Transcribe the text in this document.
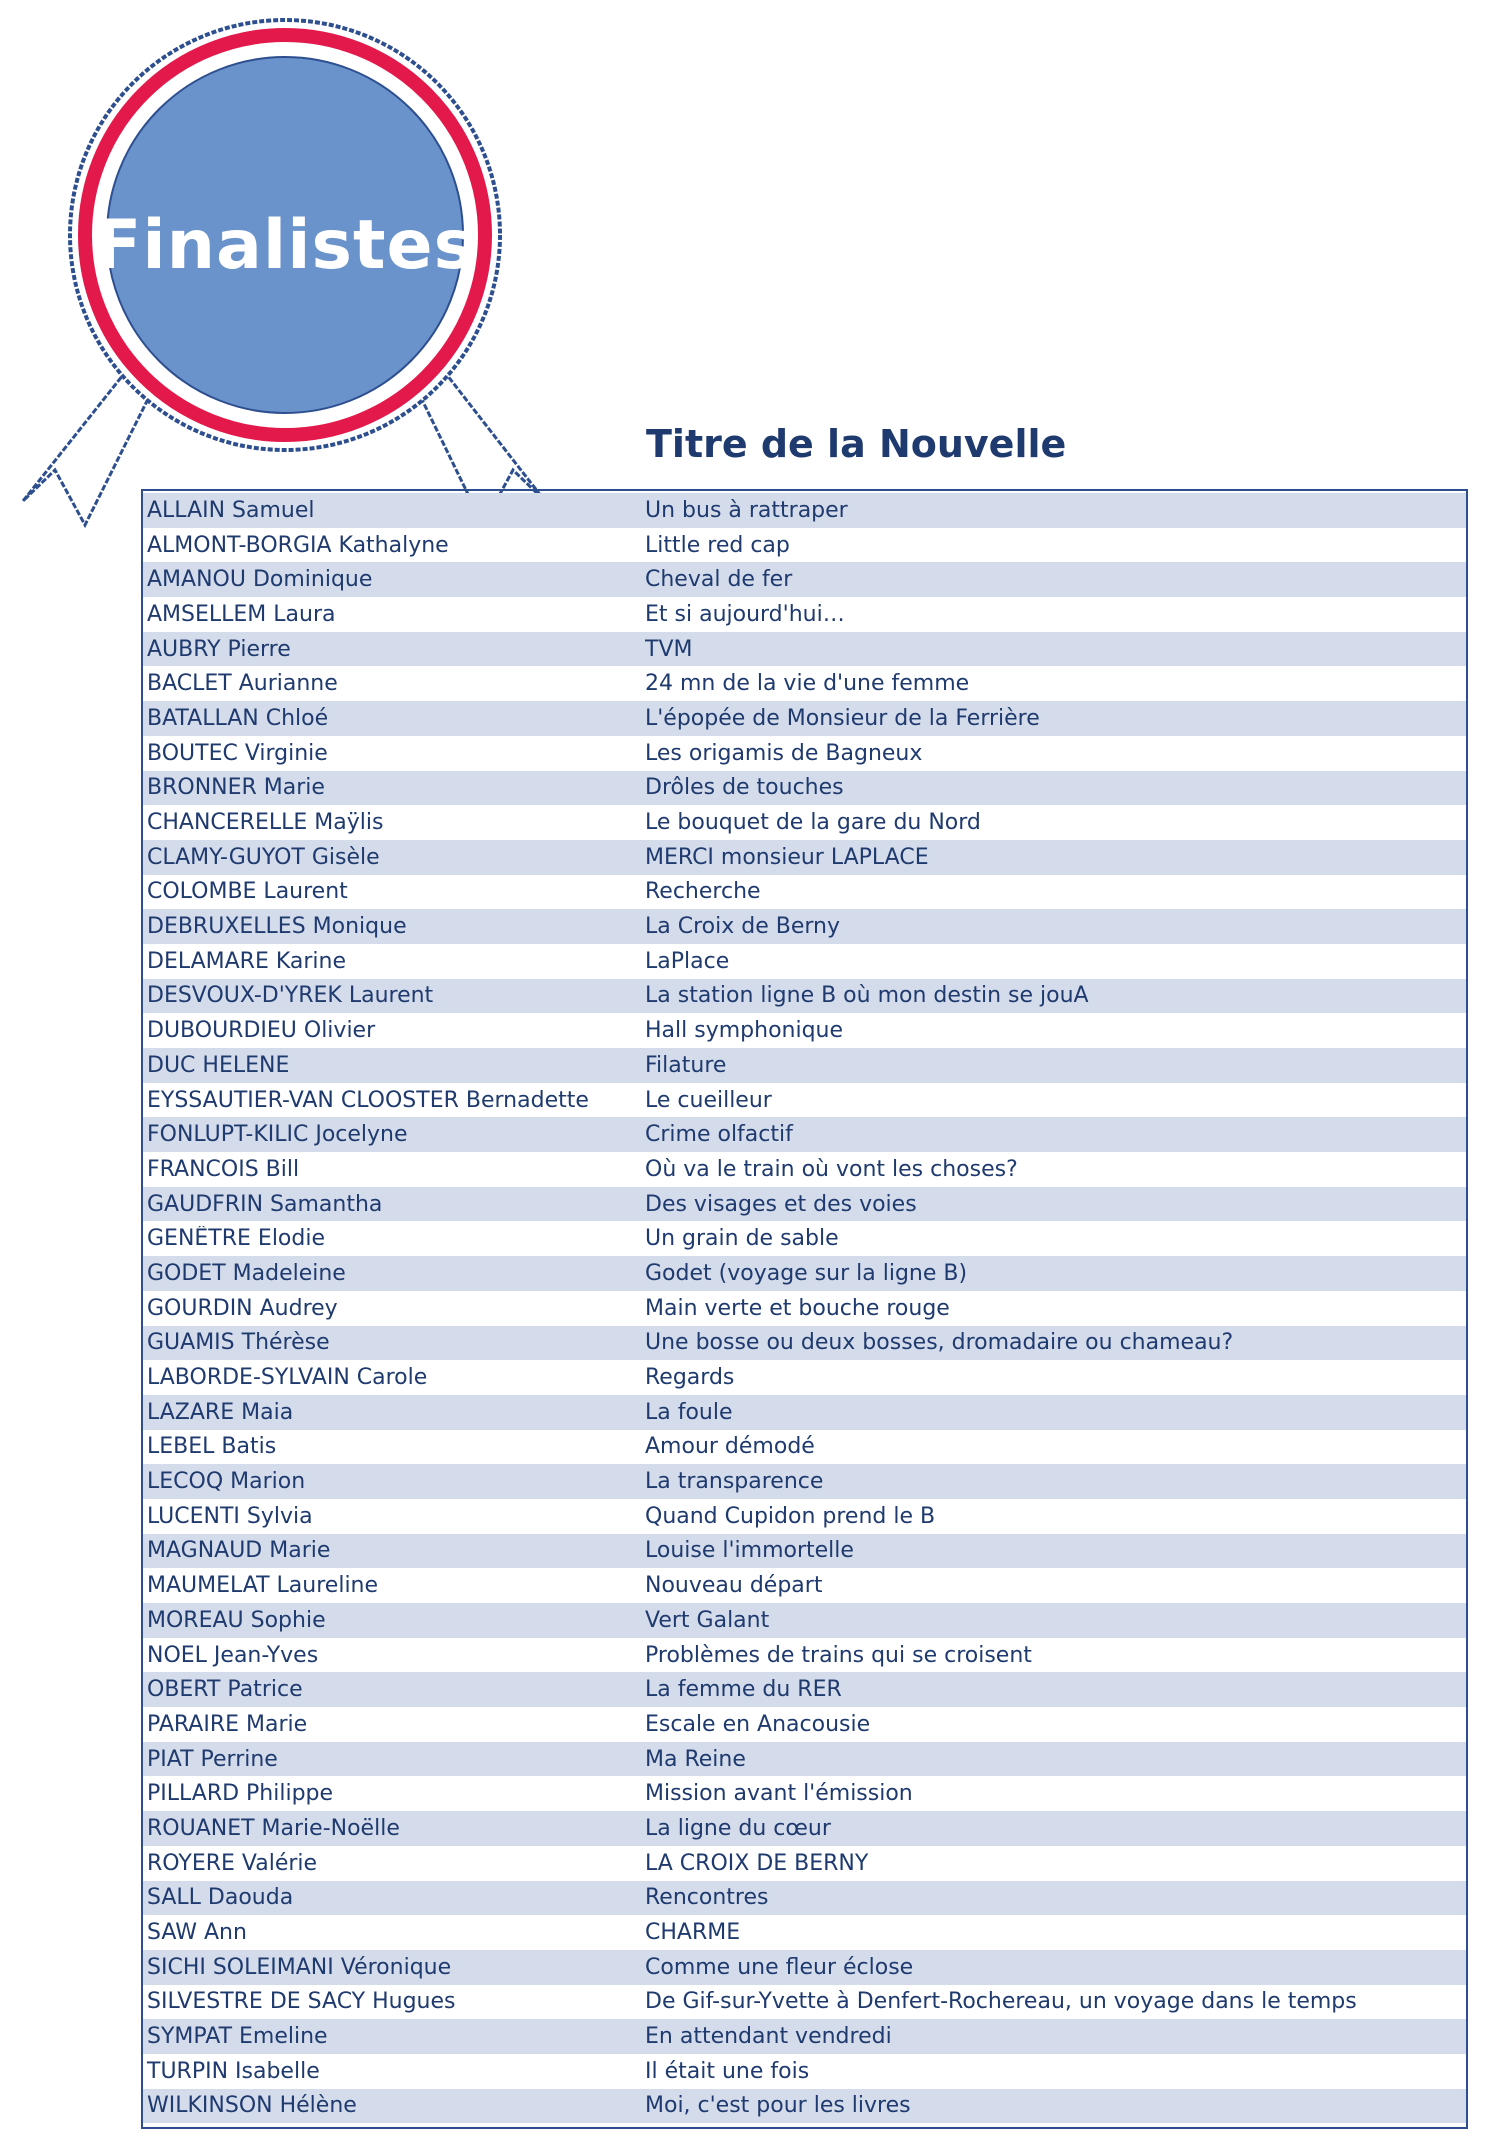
Finalistes
Titre de la Nouvelle
ALLAIN Samuel	Un bus à rattraper
ALMONT-BORGIA Kathalyne	Little red cap
AMANOU Dominique	Cheval de fer
AMSELLEM Laura	Et si aujourd'hui…
AUBRY Pierre	TVM
BACLET Aurianne	24 mn de la vie d'une femme
BATALLAN Chloé	L'épopée de Monsieur de la Ferrière
BOUTEC Virginie	Les origamis de Bagneux
BRONNER Marie	Drôles de touches
CHANCERELLE Maÿlis	Le bouquet de la gare du Nord
CLAMY-GUYOT Gisèle	MERCI monsieur LAPLACE
COLOMBE Laurent	Recherche
DEBRUXELLES Monique	La Croix de Berny
DELAMARE Karine	LaPlace
DESVOUX-D'YREK Laurent	La station ligne B où mon destin se jouA
DUBOURDIEU Olivier	Hall symphonique
DUC HELENE	Filature
EYSSAUTIER-VAN CLOOSTER Bernadette	Le cueilleur
FONLUPT-KILIC Jocelyne	Crime olfactif
FRANCOIS Bill	Où va le train où vont les choses?
GAUDFRIN Samantha	Des visages et des voies
GENÊTRE Elodie	Un grain de sable
GODET Madeleine	Godet (voyage sur la ligne B)
GOURDIN Audrey	Main verte et bouche rouge
GUAMIS Thérèse	Une bosse ou deux bosses, dromadaire ou chameau?
LABORDE-SYLVAIN Carole	Regards
LAZARE Maia	La foule
LEBEL Batis	Amour démodé
LECOQ Marion	La transparence
LUCENTI Sylvia	Quand Cupidon prend le B
MAGNAUD Marie	Louise l'immortelle
MAUMELAT Laureline	Nouveau départ
MOREAU Sophie	Vert Galant
NOEL Jean-Yves	Problèmes de trains qui se croisent
OBERT Patrice	La femme du RER
PARAIRE Marie	Escale en Anacousie
PIAT Perrine	Ma Reine
PILLARD Philippe	Mission avant l'émission
ROUANET Marie-Noëlle	La ligne du cœur
ROYERE Valérie	LA CROIX DE BERNY
SALL Daouda	Rencontres
SAW Ann	CHARME
SICHI SOLEIMANI Véronique	Comme une fleur éclose
SILVESTRE DE SACY Hugues	De Gif-sur-Yvette à Denfert-Rochereau, un voyage dans le temps
SYMPAT Emeline	En attendant vendredi
TURPIN Isabelle	Il était une fois
WILKINSON Hélène	Moi, c'est pour les livres
